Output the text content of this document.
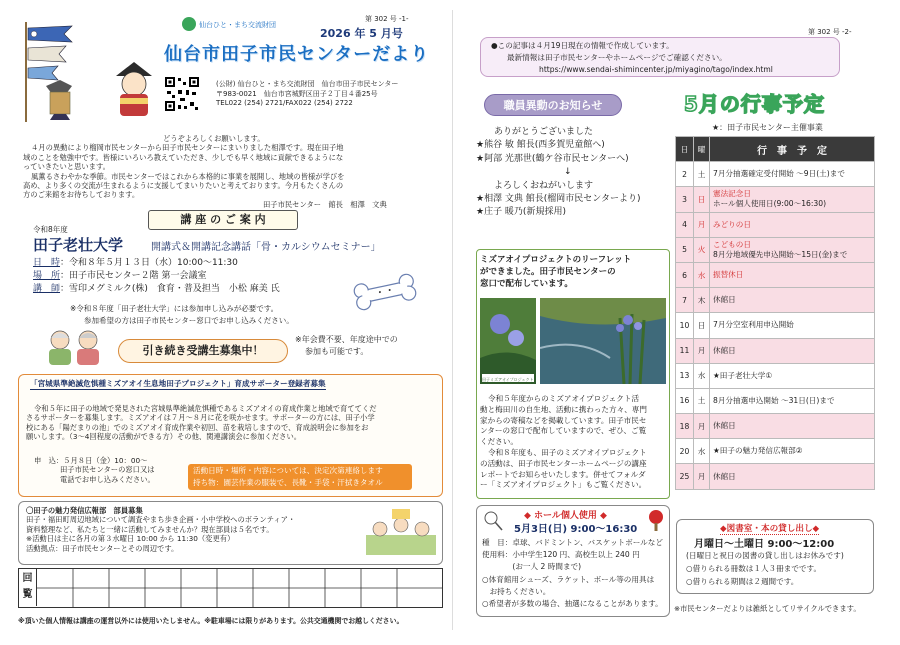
第 302 号 -1-
仙台ひと・まち交流財団
2026 年 5 月号
仙台市田子市民センターだより
(公財) 仙台ひと・まち交流財団　仙台市田子市民センター
〒983-0021　仙台市宮城野区田子２丁目４番25号
TEL022 (254) 2721/FAX022 (254) 2722
どうぞよろしくお願いします。
４月の異動により榴岡市民センターから田子市民センターにまいりました相澤です。現在田子地
域のことを勉強中です。皆様にいろいろ教えていただき、少しでも早く地域に貢献できるようにな
っていきたいと思います。
風薫るさわやかな季節。市民センターではこれから本格的に事業を展開し、地域の皆様が学びを
高め、より多くの交流が生まれるように支援してまいりたいと考えております。今月もたくさんの
方のご来館をお待ちしております。
田子市民センター　館長　相澤　文典
講 座 の ご 案 内
令和8年度
田子老壮大学	開講式＆開講記念講話「骨・カルシウムセミナー」
日　時：令和８年５月１３日（水）10:00～11:30
場　所：田子市民センター２階 第一会議室
講　師：雪印メグミルク(株)　食育・普及担当　小松 麻美 氏
※令和８年度「田子老壮大学」には参加申し込みが必要です。
参加希望の方は田子市民センター窓口でお申し込みください。
引き続き受講生募集中！
※年会費不要、年度途中での
参加も可能です。
「宮城県準絶滅危惧種ミズアオイ生息地田子プロジェクト」育成サポーター登録者募集
令和５年に田子の地域で発見された宮城県準絶滅危惧種であるミズアオイの育成作業と地域で育ててくだ
さるサポーターを募集します。ミズアオイは７月～８月に花を咲かせます。サポーターの方には、田子小学
校にある「陽だまりの池」でのミズアオイ育成作業や初回、苗を栽培しますので、育成説明会に参加をお
願いします。（3～4回程度の活動ができる方）その他、関連講演会に参加ください。
申　込：５月８日（金）10：00～
田子市民センターの窓口又は
電話でお申し込みください。
活動日時・場所・内容については、決定次第連絡します
持ち物：園芸作業の服装で、長靴・手袋・汗拭きタオル
〇田子の魅力発信広報部　部員募集
田子・福田町周辺地域について調査やまち歩き企画・小中学校へのボランティア・
資料整理など、私たちと一緒に活動してみませんか？現在部員は５名です。
※活動日は主に各月の第３水曜日 10:00 から 11:30（変更有）
活動拠点：田子市民センターとその周辺です。
回覧
※頂いた個人情報は講座の運営以外には使用いたしません。※駐車場には限りがあります。公共交通機関でお越しください。
第 302 号 -2-
●この記事は４月19日現在の情報で作成しています。
最新情報は田子市民センターやホームページでご確認ください。
https://www.sendai-shimincenter.jp/miyagino/tago/index.html
職員異動のお知らせ
ありがとうございました
★熊谷 敏 館長(西多賀児童館へ)
★阿部 光那世(鶴ケ谷市民センターへ)
↓
よろしくおねがいします
★相澤 文典 館長(榴岡市民センターより)
★庄子 暖乃(新規採用)
ミズアオイプロジェクトのリーフレット
ができました。田子市民センターの
窓口で配布しています。
田子ミズアオイプロジェクト
令和５年度からのミズアオイプロジェクト活
動と梅田川の自生地、活動に携わった方々、専門
家からの寄稿などを掲載しています。田子市民セ
ンターの窓口で配布していますので、ぜひ、ご覧
ください。
令和８年度も、田子のミズアオイプロジェクト
の活動は、田子市民センターホームページの講座
レポートでお知らせいたします。併せてフォルダ
ー「ミズアオイプロジェクト」もご覧ください。
◆ ホール個人使用 ◆
5月3日(日) 9:00～16:30
種　目：卓球、バドミントン、バスケットボールなど
使用料：小中学生120 円、高校生以上 240 円
　　　　(お一人 2 時間まで)
○体育館用シューズ、ラケット、ボール等の用具は
　お持ちください。
○希望者が多数の場合、抽選になることがあります。
5月の行事予定
★：田子市民センター主催事業
日	曜	行　事　予　定
2	土	7月分抽選確定受付開始 ～9日(土)まで

3	日	憲法記念日
ホール個人使用日(9:00～16:30)

4	月	みどりの日

5	火	こどもの日
8月分地域優先申込開始～15日(金)まで

6	水	振替休日

7	木	休館日

10	日	7月分空室利用申込開始

11	月	休館日

13	水	★田子老壮大学①

16	土	8月分抽選申込開始 ～31日(日)まで

18	月	休館日

20	水	★田子の魅力発信広報部②

25	月	休館日
◆図書室・本の貸し出し◆
月曜日～土曜日 9:00～12:00
(日曜日と祝日の図書の貸し出しはお休みです)
○借りられる冊数は１人３冊までです。
○借りられる期間は２週間です。
※市民センターだよりは雑紙としてリサイクルできます。
